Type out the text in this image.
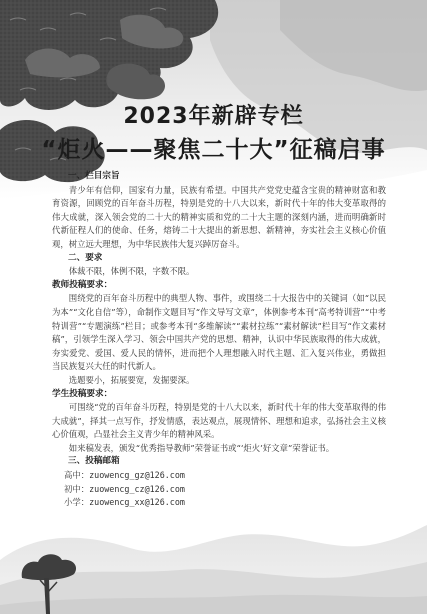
2023年新辟专栏
“炬火——聚焦二十大”征稿启事

一、栏目宗旨

青少年有信仰，国家有力量，民族有希望。中国共产党党史蕴含宝贵的精神财富和教育资源，回顾党的百年奋斗历程，特别是党的十八大以来，新时代十年的伟大变革取得的伟大成就，深入领会党的二十大的精神实质和党的二十大主题的深刻内涵，进而明确新时代新征程人们的使命、任务，熔铸二十大提出的新思想、新精神，夯实社会主义核心价值观，树立远大理想，为中华民族伟大复兴踔厉奋斗。

二、要求

体裁不限，体例不限，字数不限。

教师投稿要求：

围绕党的百年奋斗历程中的典型人物、事件，或围绕二十大报告中的关键词（如“以民为本”“文化自信”等），命制作文题目写“作文导写文章”，体例参考本刊“高考特训营”“中考特训营”“专题演练”栏目；或参考本刊“多维解读”“素材拉练”“素材解读”栏目写“作文素材稿”，引领学生深入学习、领会中国共产党的思想、精神，认识中华民族取得的伟大成就，夯实爱党、爱国、爱人民的情怀，进而把个人理想融入时代主题、汇入复兴伟业，勇做担当民族复兴大任的时代新人。

选题要小，拓展要宽，发掘要深。

学生投稿要求：

可围绕“党的百年奋斗历程，特别是党的十八大以来，新时代十年的伟大变革取得的伟大成就”，择其一点写作，抒发情感，表达观点，展现情怀、理想和追求，弘扬社会主义核心价值观，凸显社会主义青少年的精神风采。

如来稿发表，颁发“优秀指导教师”荣誉证书或“‘炬火’好文章”荣誉证书。

三、投稿邮箱

高中：zuowencg_gz@126.com

初中：zuowencg_cz@126.com

小学：zuowencg_xx@126.com
